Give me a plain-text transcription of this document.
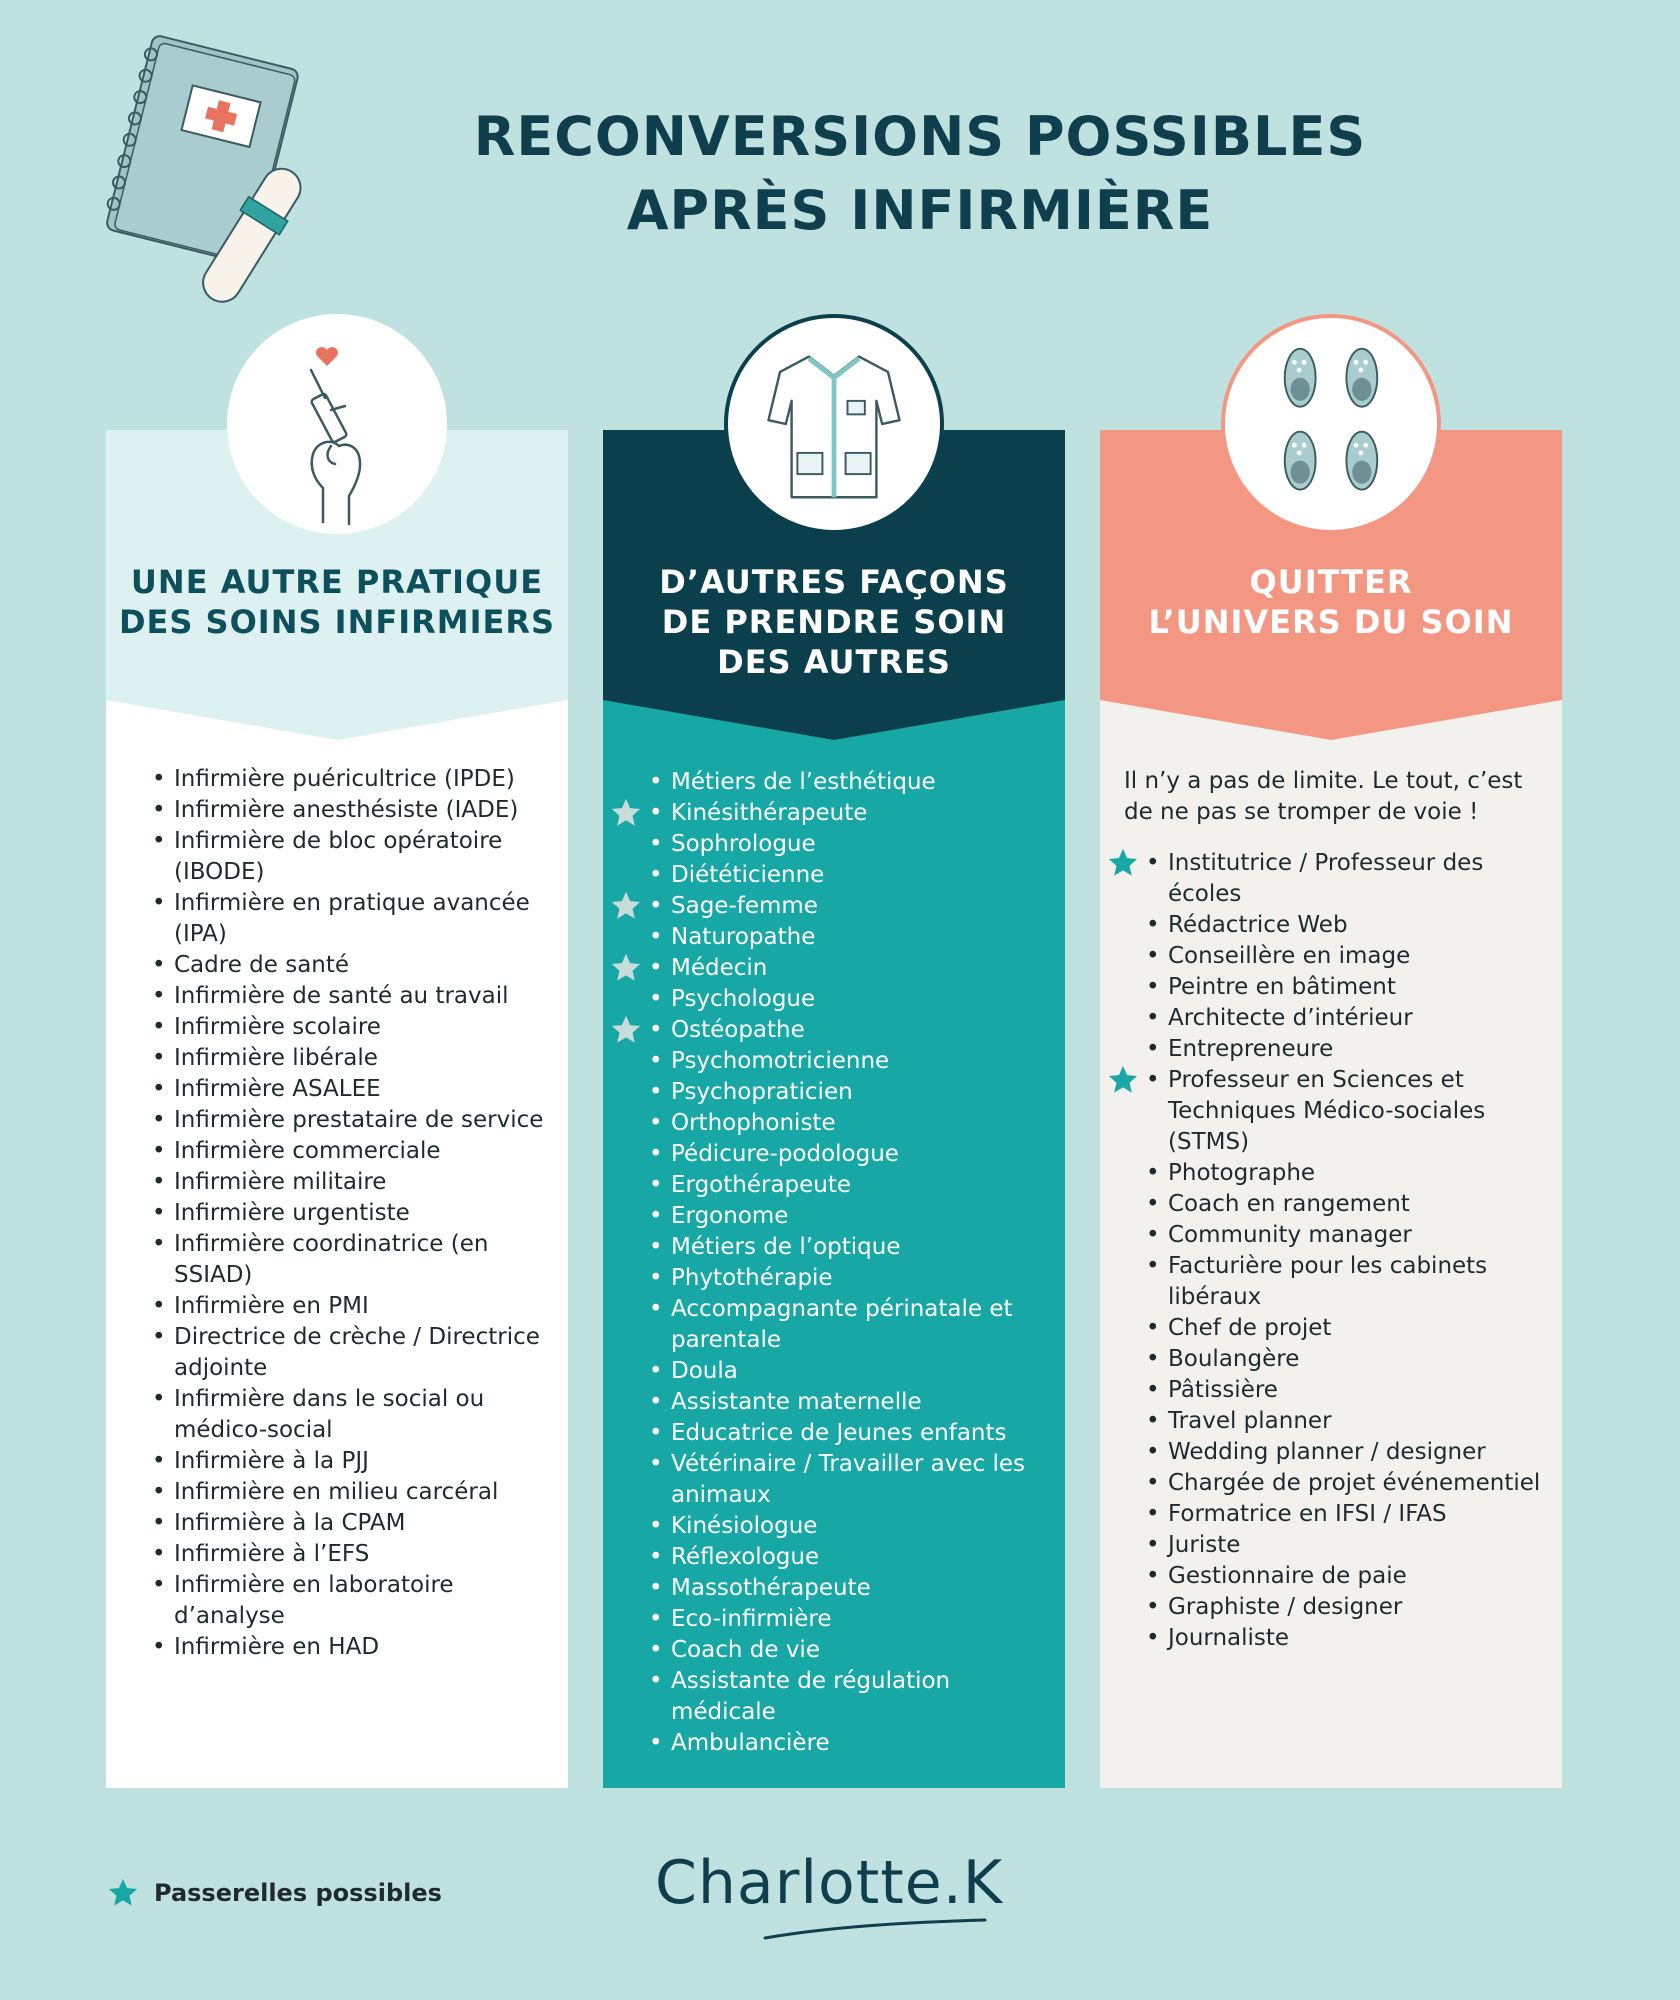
RECONVERSIONS POSSIBLES
APRÈS INFIRMIÈRE
UNE AUTRE PRATIQUE
DES SOINS INFIRMIERS
• Infirmière puéricultrice (IPDE)
• Infirmière anesthésiste (IADE)
• Infirmière de bloc opératoire (IBODE)
• Infirmière en pratique avancée (IPA)
• Cadre de santé
• Infirmière de santé au travail
• Infirmière scolaire
• Infirmière libérale
• Infirmière ASALEE
• Infirmière prestataire de service
• Infirmière commerciale
• Infirmière militaire
• Infirmière urgentiste
• Infirmière coordinatrice (en SSIAD)
• Infirmière en PMI
• Directrice de crèche / Directrice adjointe
• Infirmière dans le social ou médico-social
• Infirmière à la PJJ
• Infirmière en milieu carcéral
• Infirmière à la CPAM
• Infirmière à l’EFS
• Infirmière en laboratoire d’analyse
• Infirmière en HAD
D’AUTRES FAÇONS
DE PRENDRE SOIN
DES AUTRES
• Métiers de l’esthétique
• Kinésithérapeute
• Sophrologue
• Diététicienne
• Sage-femme
• Naturopathe
• Médecin
• Psychologue
• Ostéopathe
• Psychomotricienne
• Psychopraticien
• Orthophoniste
• Pédicure-podologue
• Ergothérapeute
• Ergonome
• Métiers de l’optique
• Phytothérapie
• Accompagnante périnatale et parentale
• Doula
• Assistante maternelle
• Educatrice de Jeunes enfants
• Vétérinaire / Travailler avec les animaux
• Kinésiologue
• Réflexologue
• Massothérapeute
• Eco-infirmière
• Coach de vie
• Assistante de régulation médicale
• Ambulancière
QUITTER
L’UNIVERS DU SOIN

Il n’y a pas de limite. Le tout, c’est de ne pas se tromper de voie !

• Institutrice / Professeur des écoles
• Rédactrice Web
• Conseillère en image
• Peintre en bâtiment
• Architecte d’intérieur
• Entrepreneure
• Professeur en Sciences et Techniques Médico-sociales (STMS)
• Photographe
• Coach en rangement
• Community manager
• Facturière pour les cabinets libéraux
• Chef de projet
• Boulangère
• Pâtissière
• Travel planner
• Wedding planner / designer
• Chargée de projet événementiel
• Formatrice en IFSI / IFAS
• Juriste
• Gestionnaire de paie
• Graphiste / designer
• Journaliste
Passerelles possibles	Charlotte.K
